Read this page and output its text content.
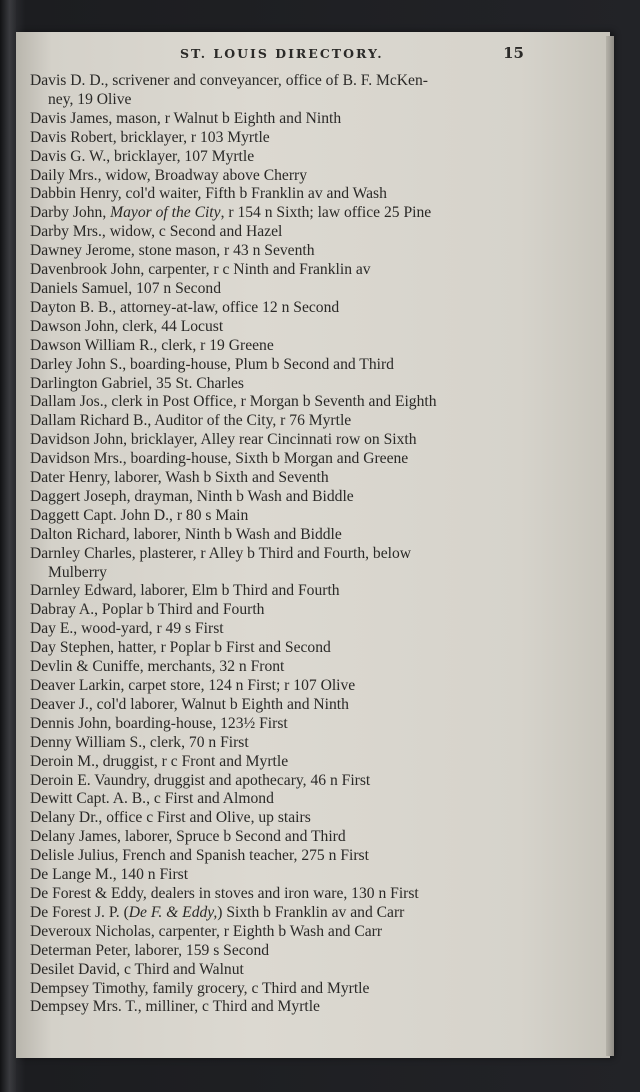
ST. LOUIS DIRECTORY.	15
Davis D. D., scrivener and conveyancer, office of B. F. McKen-
ney, 19 Olive
Davis James, mason, r Walnut b Eighth and Ninth
Davis Robert, bricklayer, r 103 Myrtle
Davis G. W., bricklayer, 107 Myrtle
Daily Mrs., widow, Broadway above Cherry
Dabbin Henry, col'd waiter, Fifth b Franklin av and Wash
Darby John, Mayor of the City, r 154 n Sixth; law office 25 Pine
Darby Mrs., widow, c Second and Hazel
Dawney Jerome, stone mason, r 43 n Seventh
Davenbrook John, carpenter, r c Ninth and Franklin av
Daniels Samuel, 107 n Second
Dayton B. B., attorney-at-law, office 12 n Second
Dawson John, clerk, 44 Locust
Dawson William R., clerk, r 19 Greene
Darley John S., boarding-house, Plum b Second and Third
Darlington Gabriel, 35 St. Charles
Dallam Jos., clerk in Post Office, r Morgan b Seventh and Eighth
Dallam Richard B., Auditor of the City, r 76 Myrtle
Davidson John, bricklayer, Alley rear Cincinnati row on Sixth
Davidson Mrs., boarding-house, Sixth b Morgan and Greene
Dater Henry, laborer, Wash b Sixth and Seventh
Daggert Joseph, drayman, Ninth b Wash and Biddle
Daggett Capt. John D., r 80 s Main
Dalton Richard, laborer, Ninth b Wash and Biddle
Darnley Charles, plasterer, r Alley b Third and Fourth, below
Mulberry
Darnley Edward, laborer, Elm b Third and Fourth
Dabray A., Poplar b Third and Fourth
Day E., wood-yard, r 49 s First
Day Stephen, hatter, r Poplar b First and Second
Devlin & Cuniffe, merchants, 32 n Front
Deaver Larkin, carpet store, 124 n First; r 107 Olive
Deaver J., col'd laborer, Walnut b Eighth and Ninth
Dennis John, boarding-house, 123½ First
Denny William S., clerk, 70 n First
Deroin M., druggist, r c Front and Myrtle
Deroin E. Vaundry, druggist and apothecary, 46 n First
Dewitt Capt. A. B., c First and Almond
Delany Dr., office c First and Olive, up stairs
Delany James, laborer, Spruce b Second and Third
Delisle Julius, French and Spanish teacher, 275 n First
De Lange M., 140 n First
De Forest & Eddy, dealers in stoves and iron ware, 130 n First
De Forest J. P. (De F. & Eddy,) Sixth b Franklin av and Carr
Deveroux Nicholas, carpenter, r Eighth b Wash and Carr
Determan Peter, laborer, 159 s Second
Desilet David, c Third and Walnut
Dempsey Timothy, family grocery, c Third and Myrtle
Dempsey Mrs. T., milliner, c Third and Myrtle
